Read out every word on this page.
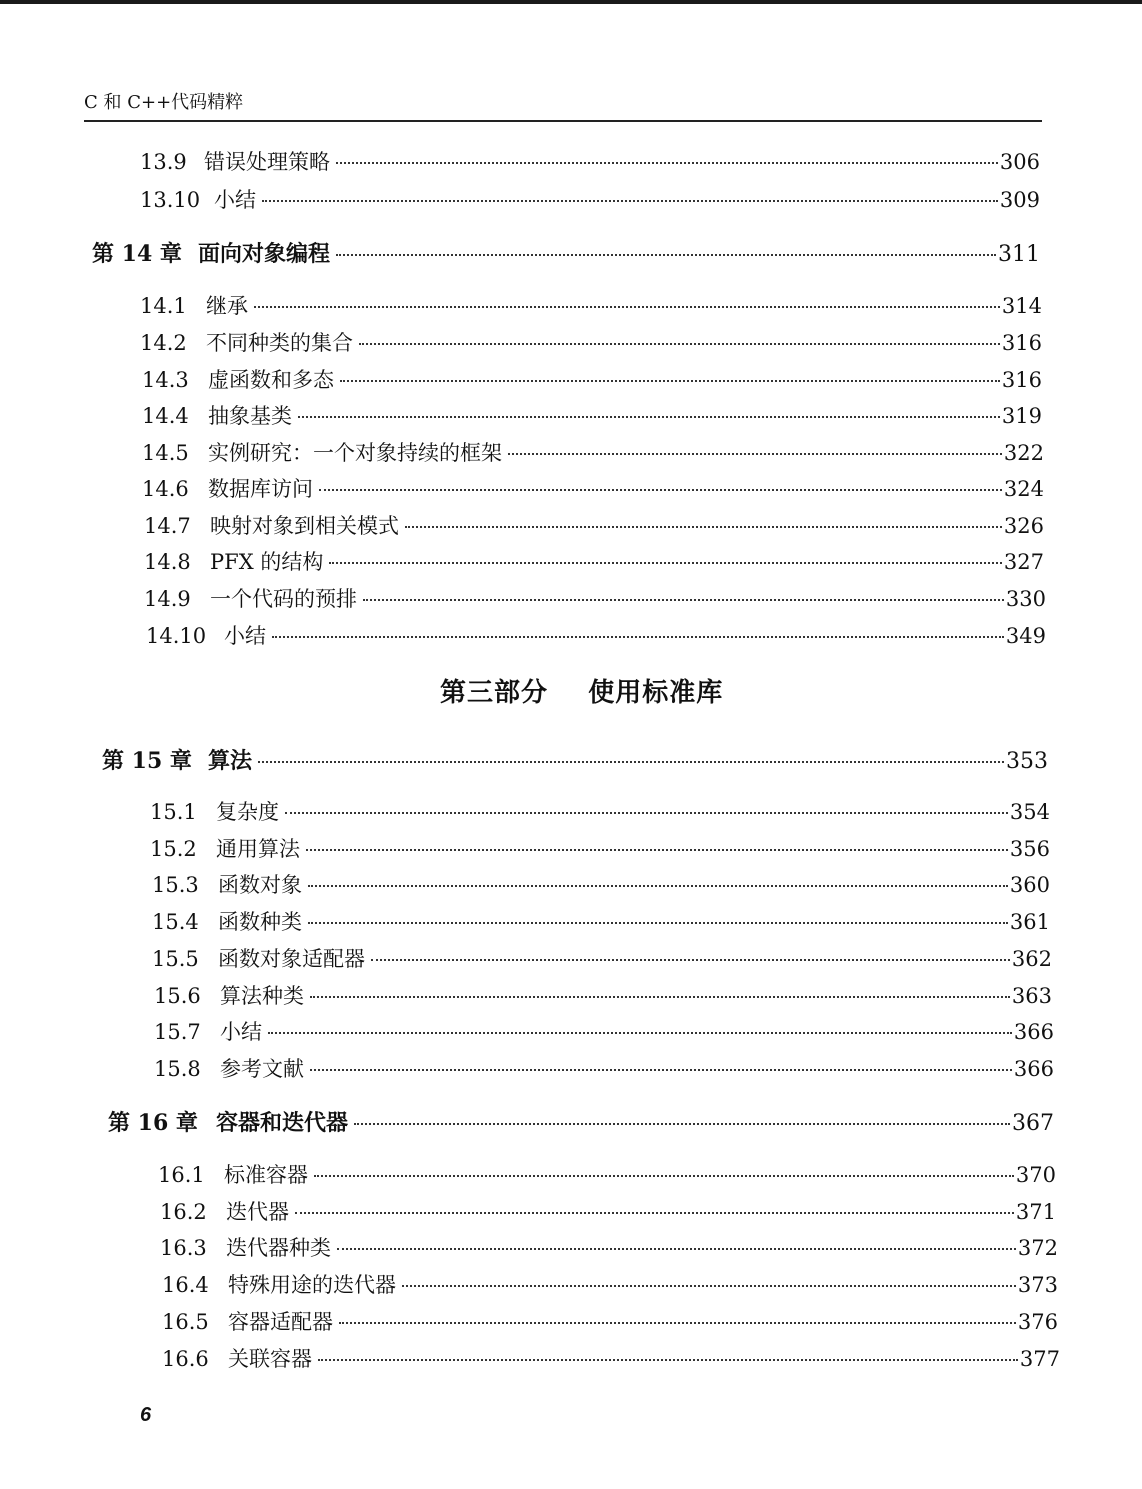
C 和 C++代码精粹
13.9 错误处理策略	306
13.10 小结	309
第 14 章 面向对象编程	311
14.1 继承	314
14.2 不同种类的集合	316
14.3 虚函数和多态	316
14.4 抽象基类	319
14.5 实例研究：一个对象持续的框架	322
14.6 数据库访问	324
14.7 映射对象到相关模式	326
14.8 PFX 的结构	327
14.9 一个代码的预排	330
14.10 小结	349
第 15 章 算法	353
15.1 复杂度	354
15.2 通用算法	356
15.3 函数对象	360
15.4 函数种类	361
15.5 函数对象适配器	362
15.6 算法种类	363
15.7 小结	366
15.8 参考文献	366
第 16 章 容器和迭代器	367
16.1 标准容器	370
16.2 迭代器	371
16.3 迭代器种类	372
16.4 特殊用途的迭代器	373
16.5 容器适配器	376
16.6 关联容器	377
第三部分    使用标准库
6
